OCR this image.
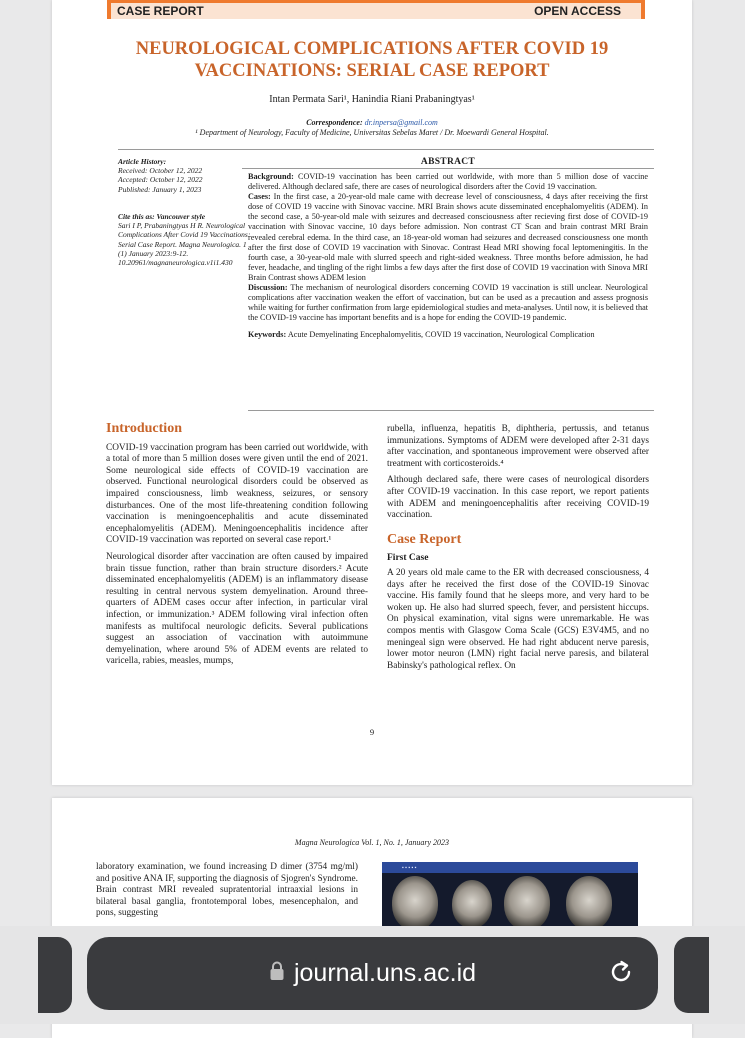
CASE REPORT	OPEN ACCESS
NEUROLOGICAL COMPLICATIONS AFTER COVID 19
VACCINATIONS: SERIAL CASE REPORT
Intan Permata Sari¹, Hanindia Riani Prabaningtyas¹
Correspondence: dr.inpersa@gmail.com
¹ Department of Neurology, Faculty of Medicine, Universitas Sebelas Maret / Dr. Moewardi General Hospital.
Article History:
Received: October 12, 2022
Accepted: October 12, 2022
Published: January 1, 2023
Cite this as: Vancouver style
Sari I P, Prabaningtyas H R. Neurological Complications After Covid 19 Vaccinations: Serial Case Report. Magna Neurologica. 1 (1) January 2023:9-12. 10.20961/magnaneurologica.v1i1.430
ABSTRACT

Background: COVID-19 vaccination has been carried out worldwide, with more than 5 million dose of vaccine delivered. Although declared safe, there are cases of neurological disorders after the Covid 19 vaccination.

Cases: In the first case, a 20-year-old male came with decrease level of consciousness, 4 days after receiving the first dose of COVID 19 vaccine with Sinovac vaccine. MRI Brain shows acute disseminated encephalomyelitis (ADEM). In the second case, a 50-year-old male with seizures and decreased consciousness after recieving first dose of COVID-19 vaccination with Sinovac vaccine, 10 days before admission. Non contrast CT Scan and brain contrast MRI Brain revealed cerebral edema. In the third case, an 18-year-old woman had seizures and decreased consciousness one month after the first dose of COVID 19 vaccination with Sinovac. Contrast Head MRI showing focal leptomeningitis. In the fourth case, a 30-year-old male with slurred speech and right-sided weakness. Three months before admission, he had fever, headache, and tingling of the right limbs a few days after the first dose of COVID 19 vaccination with Sinova MRI Brain Contrast shows ADEM lesion

Discussion: The mechanism of neurological disorders concerning COVID 19 vaccination is still unclear. Neurological complications after vaccination weaken the effort of vaccination, but can be used as a precaution and assess prognosis while waiting for further confirmation from large epidemiological studies and meta-analyses. Until now, it is believed that the COVID-19 vaccine has important benefits and is a hope for ending the COVID-19 pandemic.

Keywords: Acute Demyelinating Encephalomyelitis, COVID 19 vaccination, Neurological Complication

Introduction

COVID-19 vaccination program has been carried out worldwide, with a total of more than 5 million doses were given until the end of 2021. Some neurological side effects of COVID-19 vaccination are observed. Functional neurological disorders could be observed as impaired consciousness, limb weakness, seizures, or sensory disturbances. One of the most life-threatening condition following vaccination is meningoencephalitis and acute disseminated encephalomyelitis (ADEM). Meningoencephalitis incidence after COVID-19 vaccination was reported on several case report.¹

Neurological disorder after vaccination are often caused by impaired brain tissue function, rather than brain structure disorders.² Acute disseminated encephalomyelitis (ADEM) is an inflammatory disease resulting in central nervous system demyelination. Around three-quarters of ADEM cases occur after infection, in particular viral infection, or immunization.³ ADEM following viral infection often manifests as multifocal neurologic deficits. Several publications suggest an association of vaccination with autoimmune demyelination, where around 5% of ADEM events are related to varicella, rabies, measles, mumps,

rubella, influenza, hepatitis B, diphtheria, pertussis, and tetanus immunizations. Symptoms of ADEM were developed after 2-31 days after vaccination, and spontaneous improvement were observed after treatment with corticosteroids.⁴

Although declared safe, there were cases of neurological disorders after COVID-19 vaccination. In this case report, we report patients with ADEM and meningoencephalitis after receiving COVID-19 vaccination.

Case Report
First Case

A 20 years old male came to the ER with decreased consciousness, 4 days after he received the first dose of the COVID-19 Sinovac vaccine. His family found that he sleeps more, and very hard to be woken up. He also had slurred speech, fever, and persistent hiccups. On physical examination, vital signs were unremarkable. He was compos mentis with Glasgow Coma Scale (GCS) E3V4M5, and no meningeal sign were observed. He had right abducent nerve paresis, lower motor neuron (LMN) right facial nerve paresis, and bilateral Babinsky's pathological reflex. On

9
Magna Neurologica Vol. 1, No. 1, January 2023
laboratory examination, we found increasing D dimer (3754 mg/ml) and positive ANA IF, supporting the diagnosis of Sjogren's Syndrome. Brain contrast MRI revealed supratentorial intraaxial lesions in bilateral basal ganglia, frontotemporal lobes, mesencephalon, and pons, suggesting
▪ ▪ ▪ ▪ ▪
journal.uns.ac.id
